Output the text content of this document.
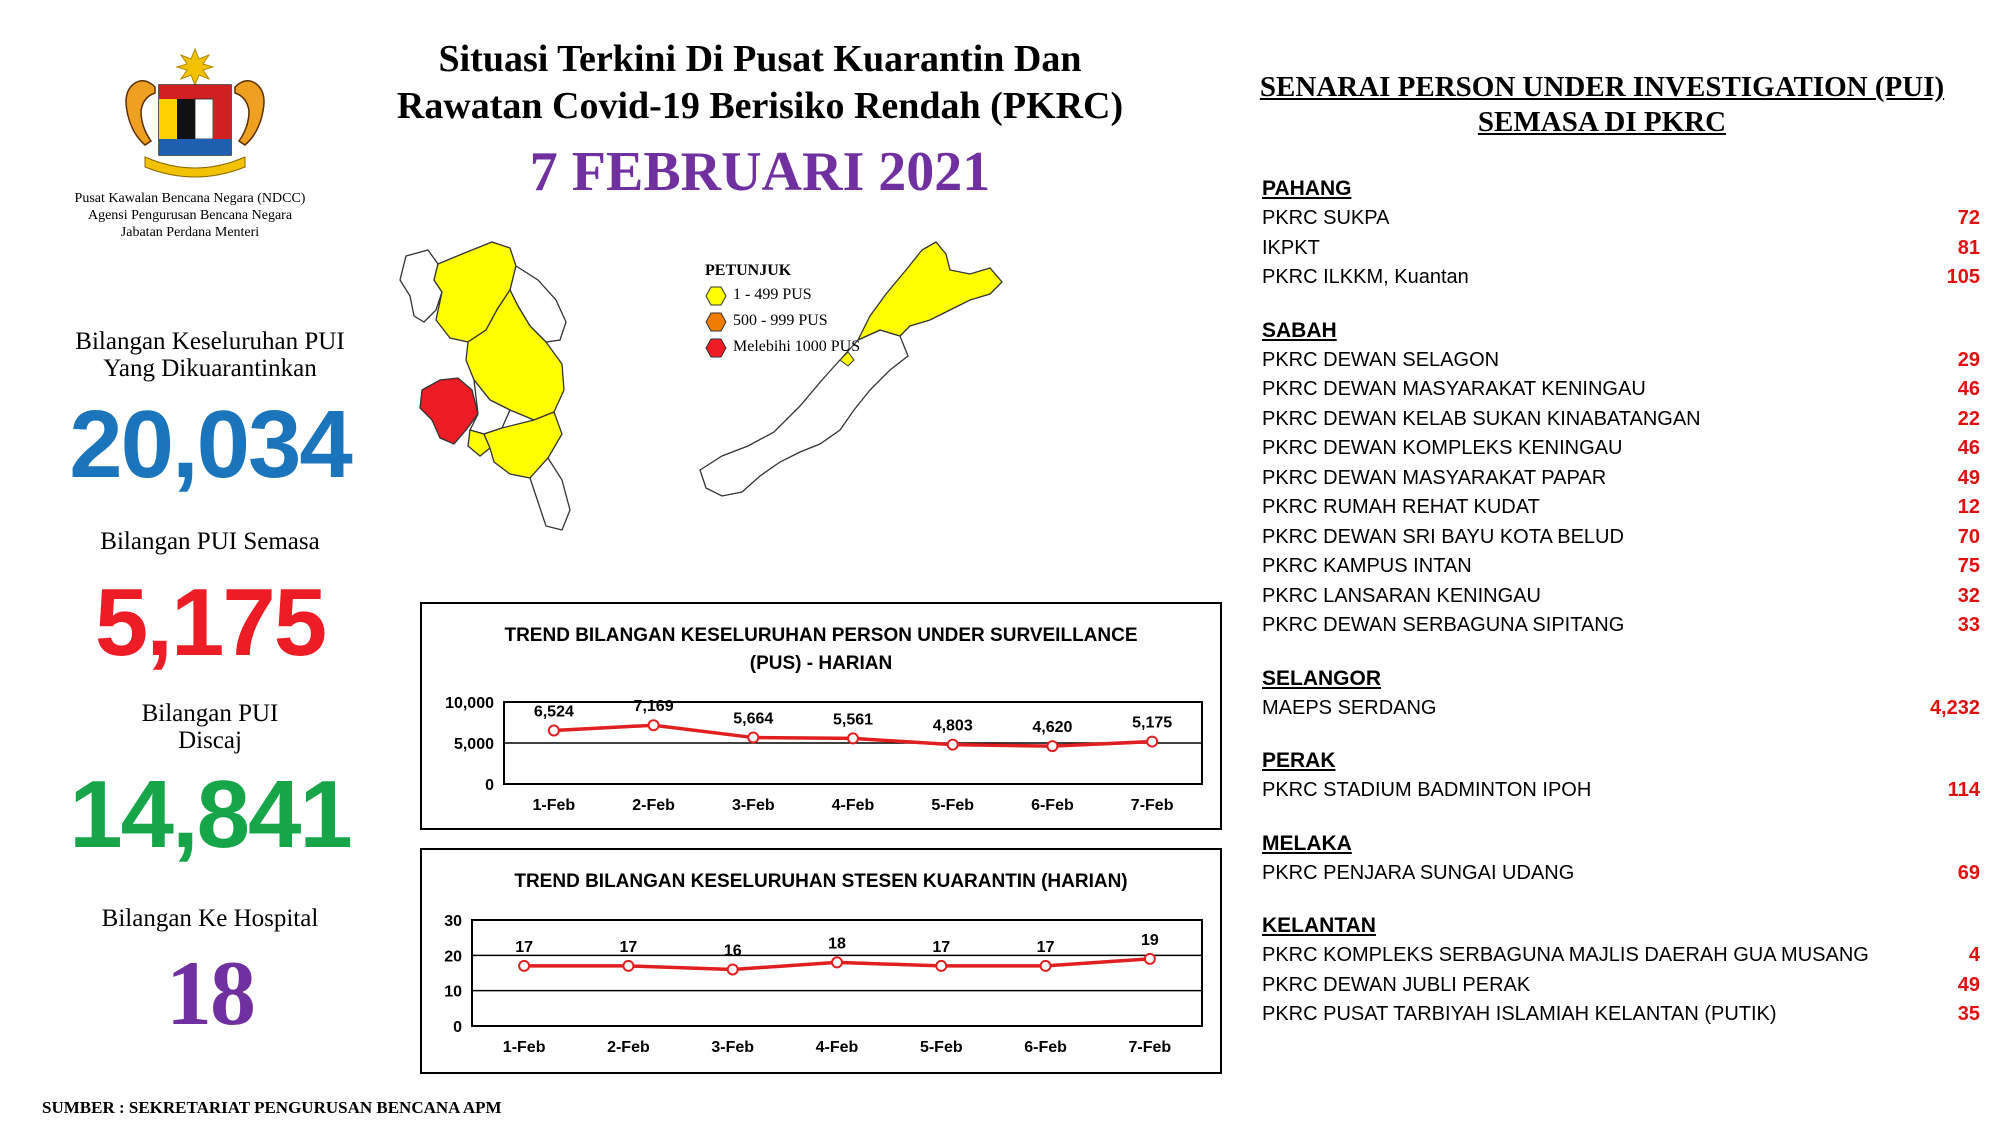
Pusat Kawalan Bencana Negara (NDCC)
Agensi Pengurusan Bencana Negara
Jabatan Perdana Menteri
Bilangan Keseluruhan PUI
Yang Dikuarantinkan
20,034
Bilangan PUI Semasa
5,175
Bilangan PUI
Discaj
14,841
Bilangan Ke Hospital
18
Situasi Terkini Di Pusat Kuarantin Dan
Rawatan Covid-19 Berisiko Rendah (PKRC)
7 FEBRUARI 2021
PETUNJUK
1 - 499 PUS
500 - 999 PUS
Melebihi 1000 PUS
TREND BILANGAN KESELURUHAN PERSON UNDER SURVEILLANCE
(PUS) - HARIAN
0
5,000
10,000
1-Feb	2-Feb	3-Feb	4-Feb	5-Feb	6-Feb	7-Feb
6,524	7,169
5,664	5,561	4,803	4,620	5,175
TREND BILANGAN KESELURUHAN STESEN KUARANTIN (HARIAN)
0
10
20
30
1-Feb	2-Feb	3-Feb	4-Feb	5-Feb	6-Feb	7-Feb
17	17	16	18	17	17	19
SENARAI PERSON UNDER INVESTIGATION (PUI)
SEMASA DI PKRC
PAHANG
PKRC SUKPA	72
IKPKT	81
PKRC ILKKM, Kuantan	105
SABAH
PKRC DEWAN SELAGON	29
PKRC DEWAN MASYARAKAT KENINGAU	46
PKRC DEWAN KELAB SUKAN KINABATANGAN	22
PKRC DEWAN KOMPLEKS KENINGAU	46
PKRC DEWAN MASYARAKAT PAPAR	49
PKRC RUMAH REHAT KUDAT	12
PKRC DEWAN SRI BAYU KOTA BELUD	70
PKRC KAMPUS INTAN	75
PKRC LANSARAN KENINGAU	32
PKRC DEWAN SERBAGUNA SIPITANG	33
SELANGOR
MAEPS SERDANG	4,232
PERAK
PKRC STADIUM BADMINTON IPOH	114
MELAKA
PKRC PENJARA SUNGAI UDANG	69
KELANTAN
PKRC KOMPLEKS SERBAGUNA MAJLIS DAERAH GUA MUSANG	4
PKRC DEWAN JUBLI PERAK	49
PKRC PUSAT TARBIYAH ISLAMIAH KELANTAN (PUTIK)	35
SUMBER : SEKRETARIAT PENGURUSAN BENCANA APM
